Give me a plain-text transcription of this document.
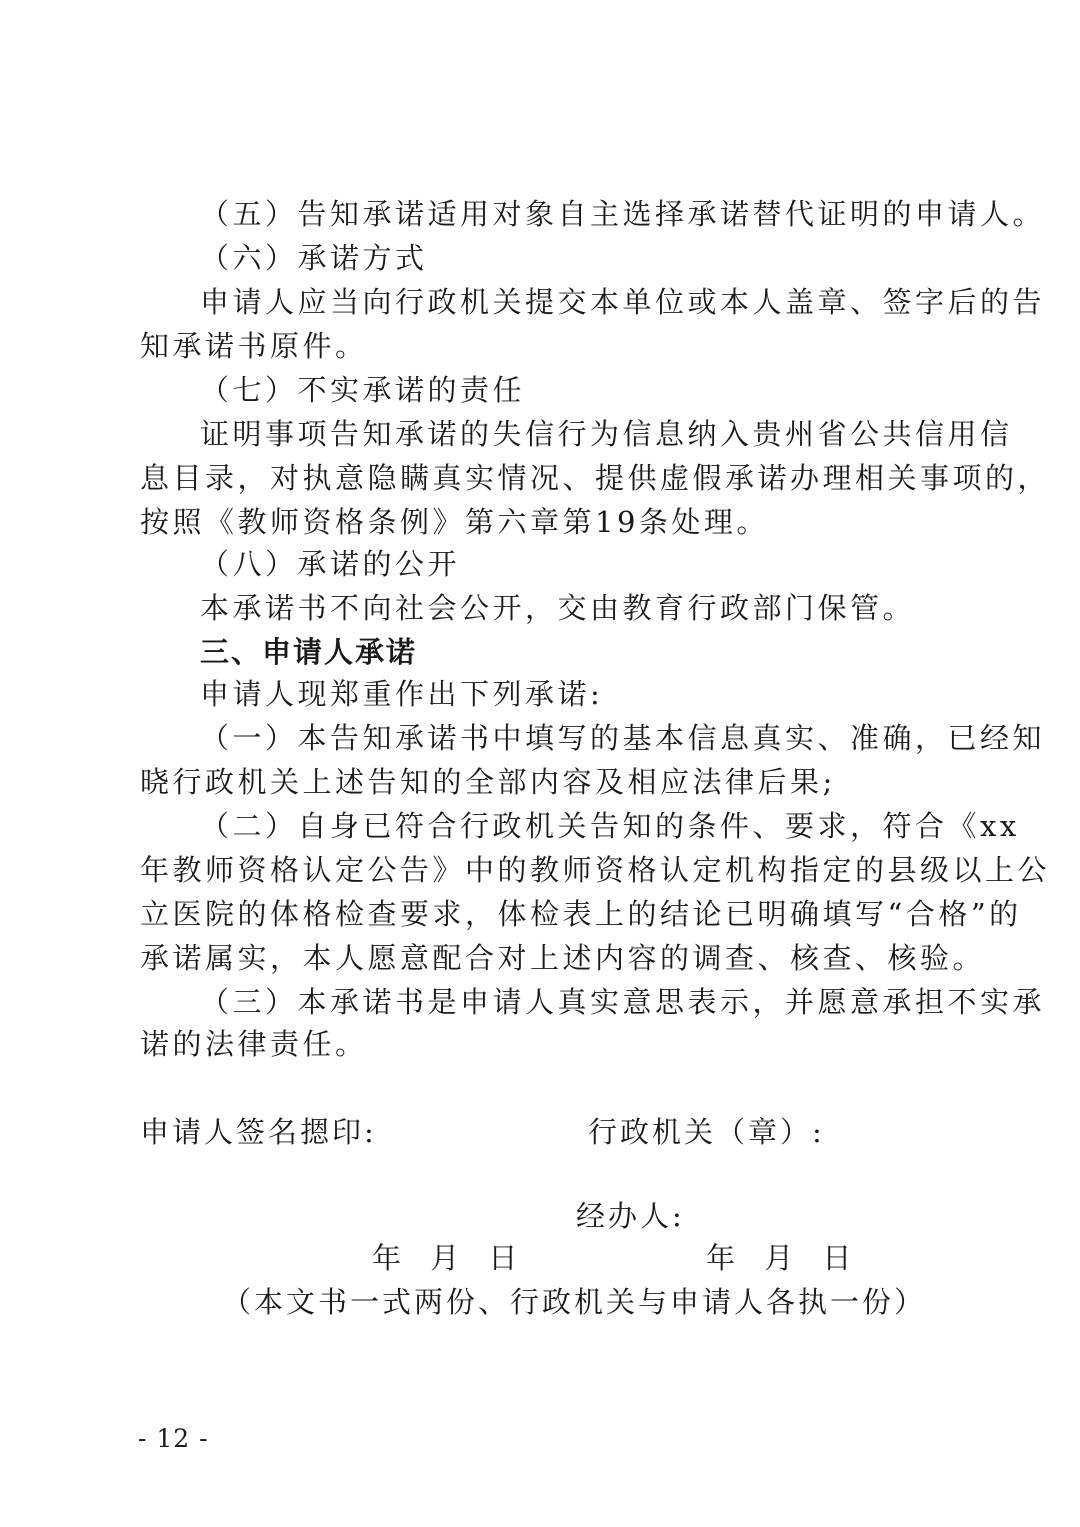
（五）告知承诺适用对象自主选择承诺替代证明的申请人。
（六）承诺方式
申请人应当向行政机关提交本单位或本人盖章、签字后的告
知承诺书原件。
（七）不实承诺的责任
证明事项告知承诺的失信行为信息纳入贵州省公共信用信
息目录，对执意隐瞒真实情况、提供虚假承诺办理相关事项的，
按照《教师资格条例》第六章第19条处理。
（八）承诺的公开
本承诺书不向社会公开，交由教育行政部门保管。
三、申请人承诺
申请人现郑重作出下列承诺:
（一）本告知承诺书中填写的基本信息真实、准确，已经知
晓行政机关上述告知的全部内容及相应法律后果;
（二）自身已符合行政机关告知的条件、要求，符合《xx
年教师资格认定公告》中的教师资格认定机构指定的县级以上公
立医院的体格检查要求，体检表上的结论已明确填写“合格”的
承诺属实，本人愿意配合对上述内容的调查、核查、核验。
（三）本承诺书是申请人真实意思表示，并愿意承担不实承
诺的法律责任。
申请人签名摁印:	行政机关（章）:
经办人:
年 月 日	年 月 日
（本文书一式两份、行政机关与申请人各执一份）
- 12 -
